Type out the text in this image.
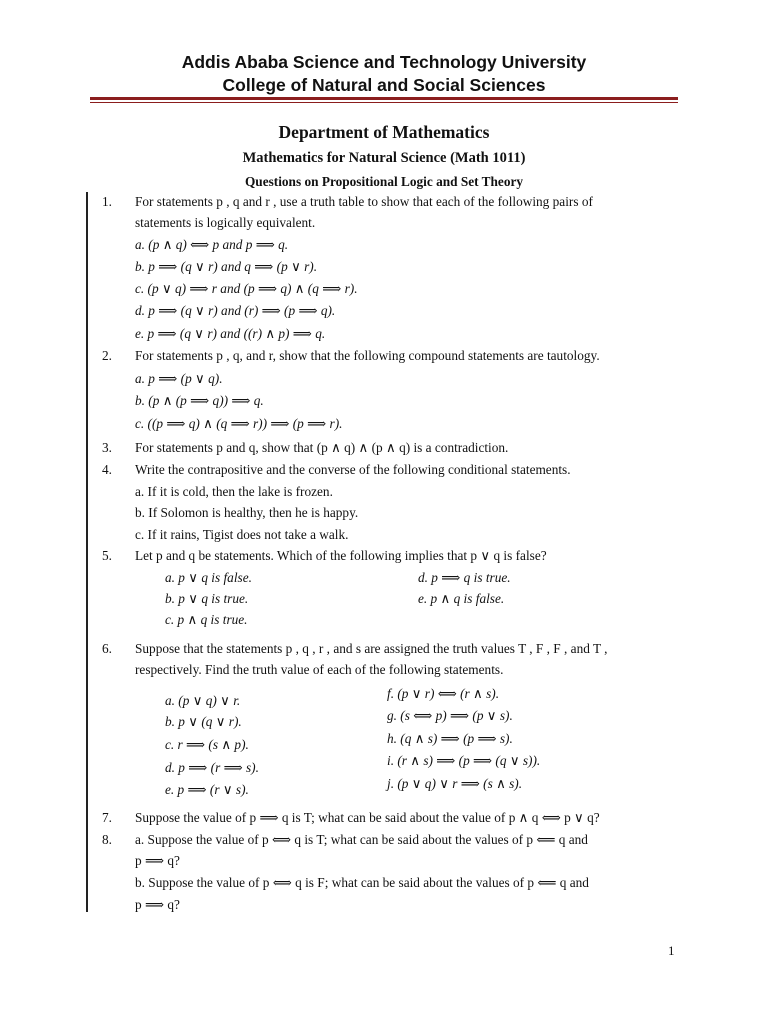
Addis Ababa Science and Technology University
College of Natural and Social Sciences
Department of Mathematics
Mathematics for Natural Science (Math 1011)
Questions on Propositional Logic and Set Theory
1. For statements p , q and r , use a truth table to show that each of the following pairs of
statements is logically equivalent.
a. (p ∧ q) ⟺ p and p ⟹ q.
b. p ⟹ (q ∨ r) and q ⟹ (p ∨ r).
c. (p ∨ q) ⟹ r and (p ⟹ q) ∧ (q ⟹ r).
d. p ⟹ (q ∨ r) and (r) ⟹ (p ⟹ q).
e. p ⟹ (q ∨ r) and ((r) ∧ p) ⟹ q.
2. For statements p , q, and r, show that the following compound statements are tautology.
a. p ⟹ (p ∨ q).
b. (p ∧ (p ⟹ q)) ⟹ q.
c. ((p ⟹ q) ∧ (q ⟹ r)) ⟹ (p ⟹ r).
3. For statements p and q, show that (p ∧ q) ∧ (p ∧ q) is a contradiction.
4. Write the contrapositive and the converse of the following conditional statements.
a. If it is cold, then the lake is frozen.
b. If Solomon is healthy, then he is happy.
c. If it rains, Tigist does not take a walk.
5. Let p and q be statements. Which of the following implies that p ∨ q is false?
a. p ∨ q is false.
b. p ∨ q is true.
c. p ∧ q is true.
d. p ⟹ q is true.
e. p ∧ q is false.
6. Suppose that the statements p , q , r , and s are assigned the truth values T , F , F , and T ,
respectively. Find the truth value of each of the following statements.
a. (p ∨ q) ∨ r.
b. p ∨ (q ∨ r).
c. r ⟹ (s ∧ p).
d. p ⟹ (r ⟹ s).
e. p ⟹ (r ∨ s).
f. (p ∨ r) ⟺ (r ∧ s).
g. (s ⟺ p) ⟹ (p ∨ s).
h. (q ∧ s) ⟹ (p ⟹ s).
i. (r ∧ s) ⟹ (p ⟹ (q ∨ s)).
j. (p ∨ q) ∨ r ⟹ (s ∧ s).
7. Suppose the value of p ⟹ q is T; what can be said about the value of p ∧ q ⟺ p ∨ q?
8. a. Suppose the value of p ⟺ q is T; what can be said about the values of p ⟸ q and
p ⟹ q?
b. Suppose the value of p ⟺ q is F; what can be said about the values of p ⟸ q and
p ⟹ q?
1
